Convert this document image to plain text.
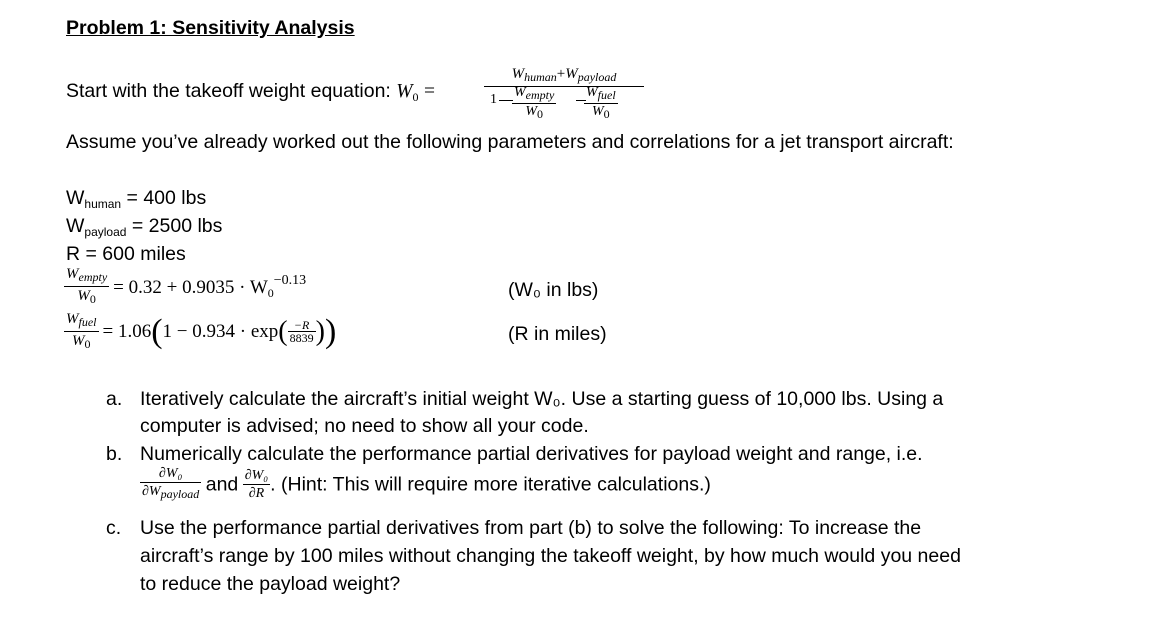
Problem 1: Sensitivity Analysis
Start with the takeoff weight equation: $W_0$ =
$W_{human}+W_{payload}$
1 Wempty
W0
Wfuel
W0
Assume you’ve already worked out the following parameters and correlations for a jet transport aircraft:
$W_{human} = 400$ lbs
$W_{payload} = 2500$ lbs
R = 600 miles
$\frac{W_{empty}}{W_0} = 0.32 + 0.9035 \cdot W_0^{-0.13}$	(W₀ in lbs)
$\frac{W_{fuel}}{W_0} = 1.06(1 - 0.934 \cdot \exp( \frac{-R}{8839}$ ))	(R in miles)
a. Iteratively calculate the aircraft’s initial weight W₀. Use a starting guess of 10,000 lbs. Using a
computer is advised; no need to show all your code.
b. Numerically calculate the performance partial derivatives for payload weight and range, i.e.
$\frac{\text{∂W₀}}{\text{∂Wpayload}}$ and $\frac{\text{∂W₀}}{\partial R}$ . (Hint: This will require more iterative calculations.)
c. Use the performance partial derivatives from part (b) to solve the following: To increase the
aircraft’s range by 100 miles without changing the takeoff weight, by how much would you need
to reduce the payload weight?
